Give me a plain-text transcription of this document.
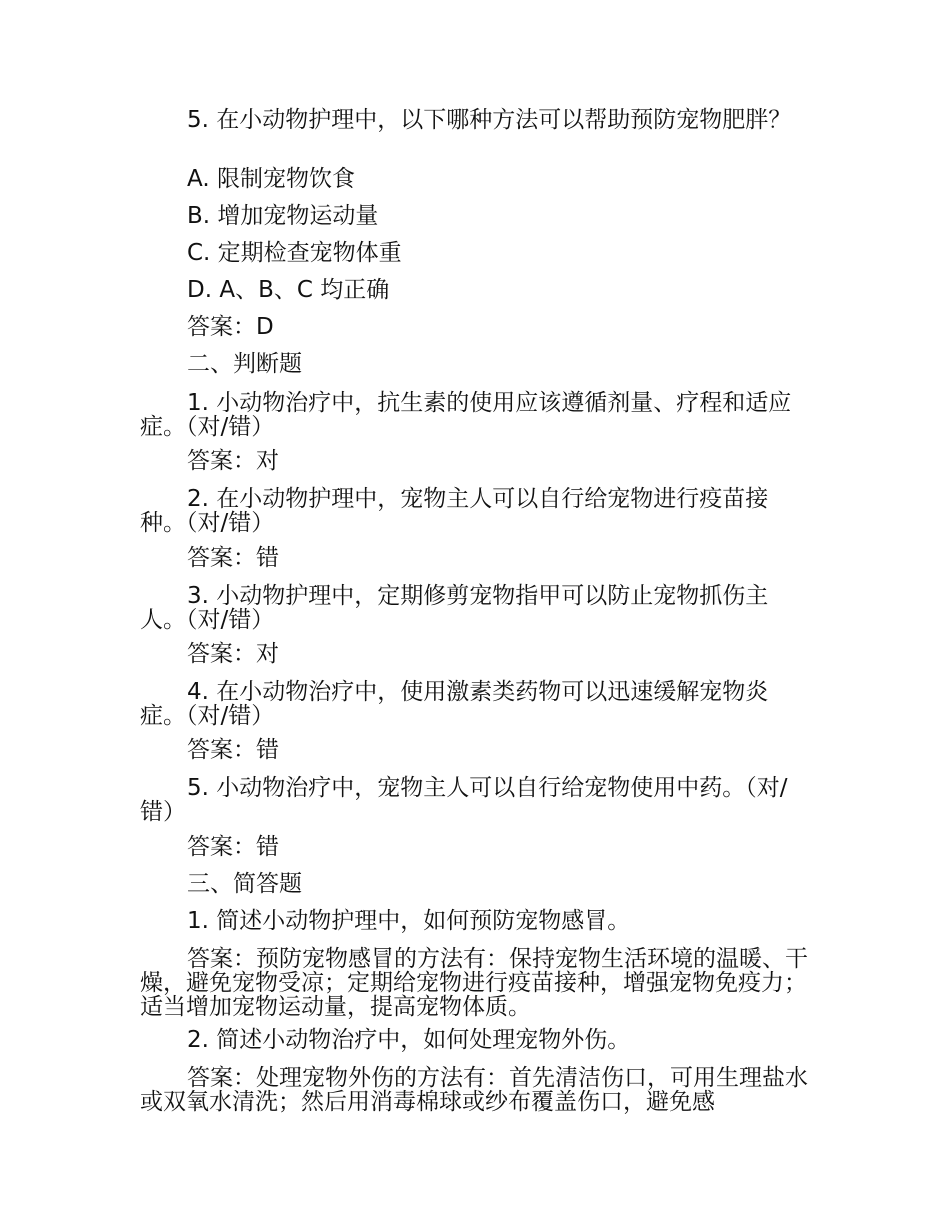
5. 在小动物护理中，以下哪种方法可以帮助预防宠物肥胖？

A. 限制宠物饮食

B. 增加宠物运动量

C. 定期检查宠物体重

D. A、B、C 均正确

答案：D

二、判断题

1. 小动物治疗中，抗生素的使用应该遵循剂量、疗程和适应症。（对/错）

答案：对

2. 在小动物护理中，宠物主人可以自行给宠物进行疫苗接种。（对/错）

答案：错

3. 小动物护理中，定期修剪宠物指甲可以防止宠物抓伤主人。（对/错）

答案：对

4. 在小动物治疗中，使用激素类药物可以迅速缓解宠物炎症。（对/错）

答案：错

5. 小动物治疗中，宠物主人可以自行给宠物使用中药。（对/错）

答案：错

三、简答题

1. 简述小动物护理中，如何预防宠物感冒。

答案：预防宠物感冒的方法有：保持宠物生活环境的温暖、干燥，避免宠物受凉；定期给宠物进行疫苗接种，增强宠物免疫力；适当增加宠物运动量，提高宠物体质。

2. 简述小动物治疗中，如何处理宠物外伤。

答案：处理宠物外伤的方法有：首先清洁伤口，可用生理盐水或双氧水清洗；然后用消毒棉球或纱布覆盖伤口，避免感
